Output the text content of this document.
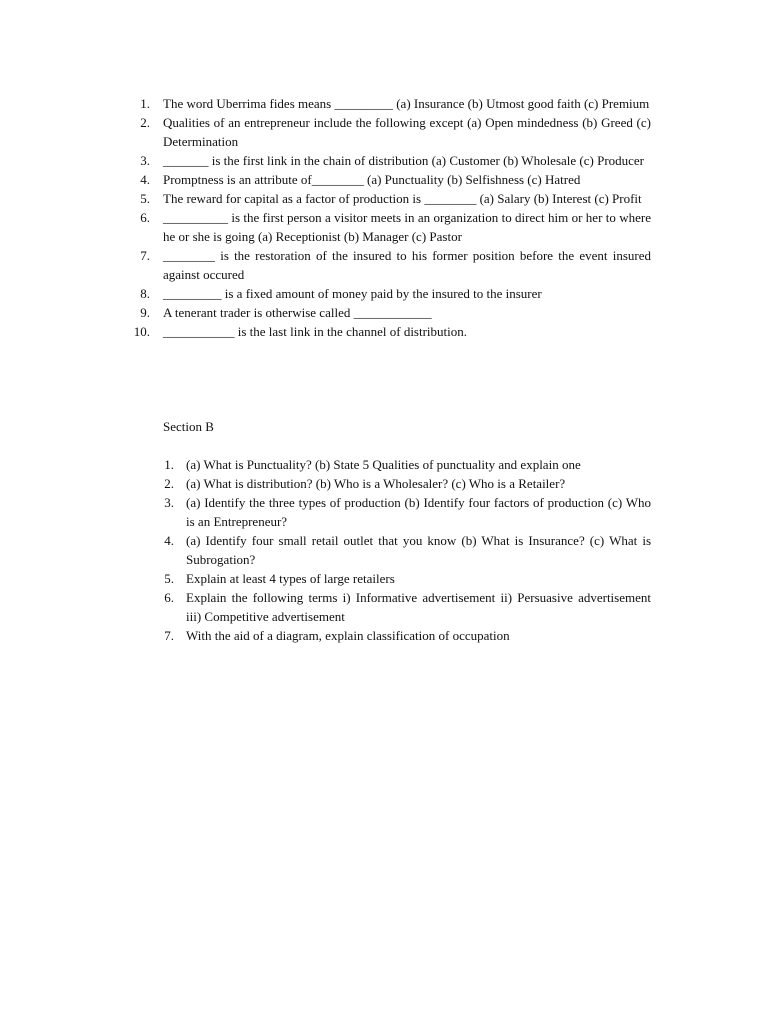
1. The word Uberrima fides means _________ (a) Insurance (b) Utmost good faith (c) Premium
2. Qualities of an entrepreneur include the following except (a) Open mindedness (b) Greed (c) Determination
3. _______ is the first link in the chain of distribution (a) Customer (b) Wholesale (c) Producer
4. Promptness is an attribute of________ (a) Punctuality (b) Selfishness (c) Hatred
5. The reward for capital as a factor of production is ________ (a) Salary (b) Interest (c) Profit
6. __________ is the first person a visitor meets in an organization to direct him or her to where he or she is going (a) Receptionist (b) Manager (c) Pastor
7. ________ is the restoration of the insured to his former position before the event insured against occured
8. _________ is a fixed amount of money paid by the insured to the insurer
9. A tenerant trader is otherwise called ____________
10. ___________ is the last link in the channel of distribution.
Section B
1. (a) What is Punctuality? (b) State 5 Qualities of punctuality and explain one
2. (a) What is distribution? (b) Who is a Wholesaler? (c) Who is a Retailer?
3. (a) Identify the three types of production (b) Identify four factors of production (c) Who is an Entrepreneur?
4. (a) Identify four small retail outlet that you know (b) What is Insurance? (c) What is Subrogation?
5. Explain at least 4 types of large retailers
6. Explain the following terms i) Informative advertisement ii) Persuasive advertisement iii) Competitive advertisement
7. With the aid of a diagram, explain classification of occupation
